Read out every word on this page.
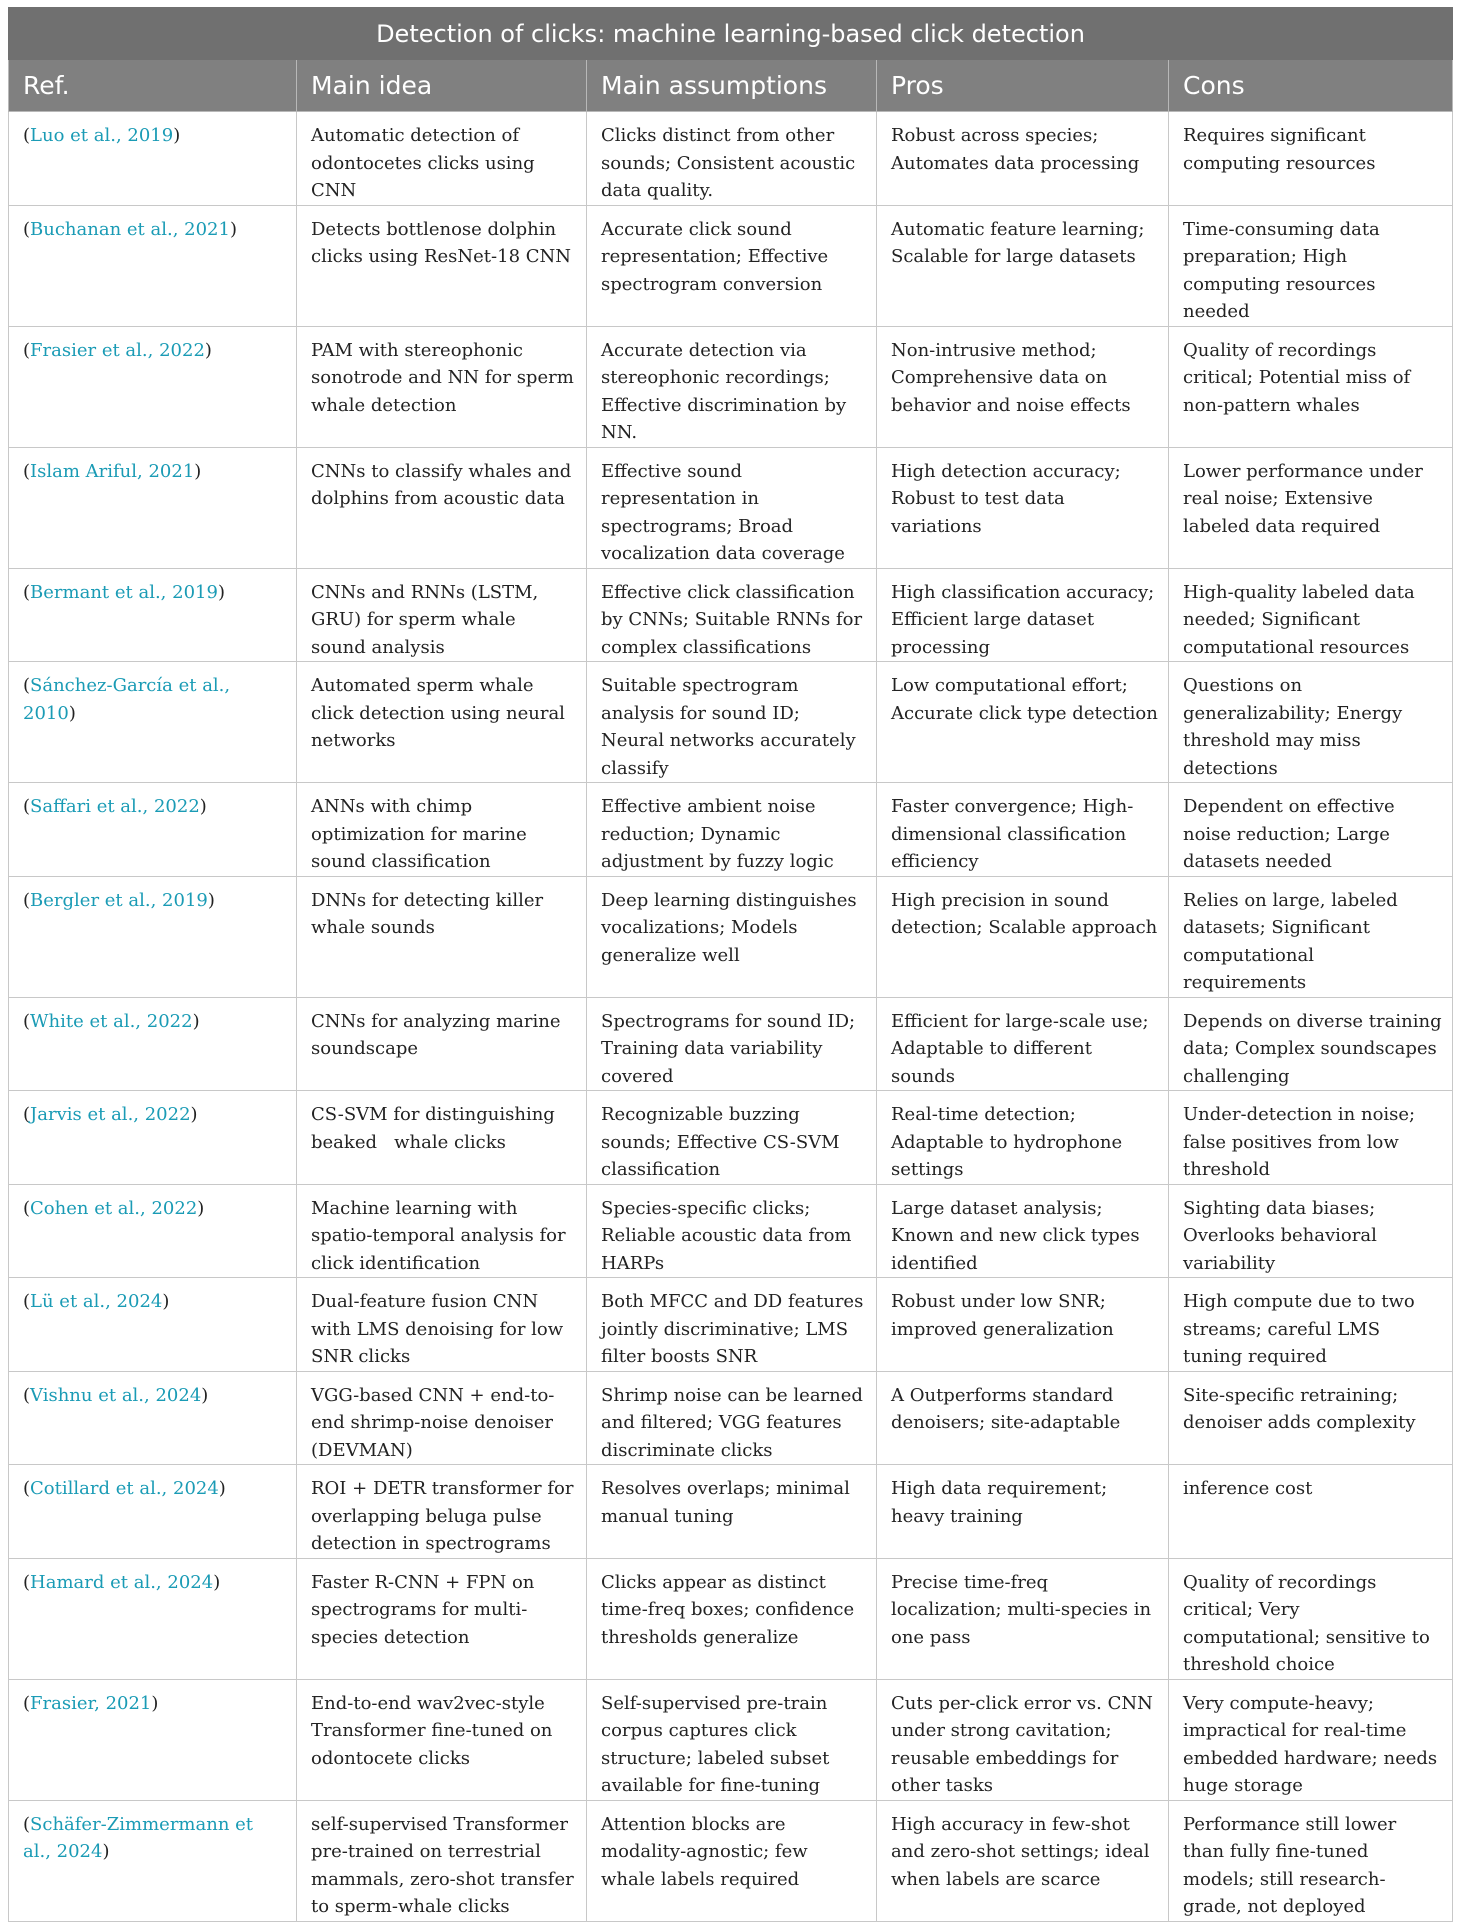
Detection of clicks: machine learning-based click detection				
Ref.	Main idea	Main assumptions	Pros	Cons
(Luo et al., 2019)	Automatic detection of odontocetes clicks using CNN	Clicks distinct from other sounds; Consistent acoustic data quality.	Robust across species; Automates data processing	Requires significant computing resources
(Buchanan et al., 2021)	Detects bottlenose dolphin clicks using ResNet-18 CNN	Accurate click sound representation; Effective spectrogram conversion	Automatic feature learning; Scalable for large datasets	Time-consuming data preparation; High computing resources needed
(Frasier et al., 2022)	PAM with stereophonic sonotrode and NN for sperm whale detection	Accurate detection via stereophonic recordings; Effective discrimination by NN.	Non-intrusive method; Comprehensive data on behavior and noise effects	Quality of recordings critical; Potential miss of non-pattern whales
(Islam Ariful, 2021)	CNNs to classify whales and dolphins from acoustic data	Effective sound representation in spectrograms; Broad vocalization data coverage	High detection accuracy; Robust to test data variations	Lower performance under real noise; Extensive labeled data required
(Bermant et al., 2019)	CNNs and RNNs (LSTM, GRU) for sperm whale sound analysis	Effective click classification by CNNs; Suitable RNNs for complex classifications	High classification accuracy; Efficient large dataset processing	High-quality labeled data needed; Significant computational resources
(Sánchez-García et al., 2010)	Automated sperm whale click detection using neural networks	Suitable spectrogram analysis for sound ID; Neural networks accurately classify	Low computational effort; Accurate click type detection	Questions on generalizability; Energy threshold may miss detections
(Saffari et al., 2022)	ANNs with chimp optimization for marine sound classification	Effective ambient noise reduction; Dynamic adjustment by fuzzy logic	Faster convergence; High-dimensional classification efficiency	Dependent on effective noise reduction; Large datasets needed
(Bergler et al., 2019)	DNNs for detecting killer whale sounds	Deep learning distinguishes vocalizations; Models generalize well	High precision in sound detection; Scalable approach	Relies on large, labeled datasets; Significant computational requirements
(White et al., 2022)	CNNs for analyzing marine soundscape	Spectrograms for sound ID; Training data variability covered	Efficient for large-scale use; Adaptable to different sounds	Depends on diverse training data; Complex soundscapes challenging
(Jarvis et al., 2022)	CS-SVM for distinguishing beaked   whale clicks	Recognizable buzzing sounds; Effective CS-SVM classification	Real-time detection; Adaptable to hydrophone settings	Under-detection in noise; false positives from low threshold
(Cohen et al., 2022)	Machine learning with spatio-temporal analysis for click identification	Species-specific clicks; Reliable acoustic data from HARPs	Large dataset analysis; Known and new click types identified	Sighting data biases; Overlooks behavioral variability
(Lü et al., 2024)	Dual-feature fusion CNN with LMS denoising for low SNR clicks	Both MFCC and DD features jointly discriminative; LMS filter boosts SNR	Robust under low SNR; improved generalization	High compute due to two streams; careful LMS tuning required
(Vishnu et al., 2024)	VGG-based CNN + end-to-end shrimp-noise denoiser (DEVMAN)	Shrimp noise can be learned and filtered; VGG features discriminate clicks	A Outperforms standard denoisers; site-adaptable	Site-specific retraining; denoiser adds complexity
(Cotillard et al., 2024)	ROI + DETR transformer for overlapping beluga pulse detection in spectrograms	Resolves overlaps; minimal manual tuning	High data requirement; heavy training	inference cost
(Hamard et al., 2024)	Faster R-CNN + FPN on spectrograms for multi-species detection	Clicks appear as distinct time-freq boxes; confidence thresholds generalize	Precise time-freq localization; multi-species in one pass	Quality of recordings critical; Very computational; sensitive to threshold choice
(Frasier, 2021)	End-to-end wav2vec-style Transformer fine-tuned on odontocete clicks	Self-supervised pre-train corpus captures click structure; labeled subset available for fine-tuning	Cuts per-click error vs. CNN under strong cavitation; reusable embeddings for other tasks	Very compute-heavy; impractical for real-time embedded hardware; needs huge storage
(Schäfer-Zimmermann et al., 2024)	self-supervised Transformer pre-trained on terrestrial mammals, zero-shot transfer to sperm-whale clicks	Attention blocks are modality-agnostic; few whale labels required	High accuracy in few-shot and zero-shot settings; ideal when labels are scarce	Performance still lower than fully fine-tuned models; still research-grade, not deployed
